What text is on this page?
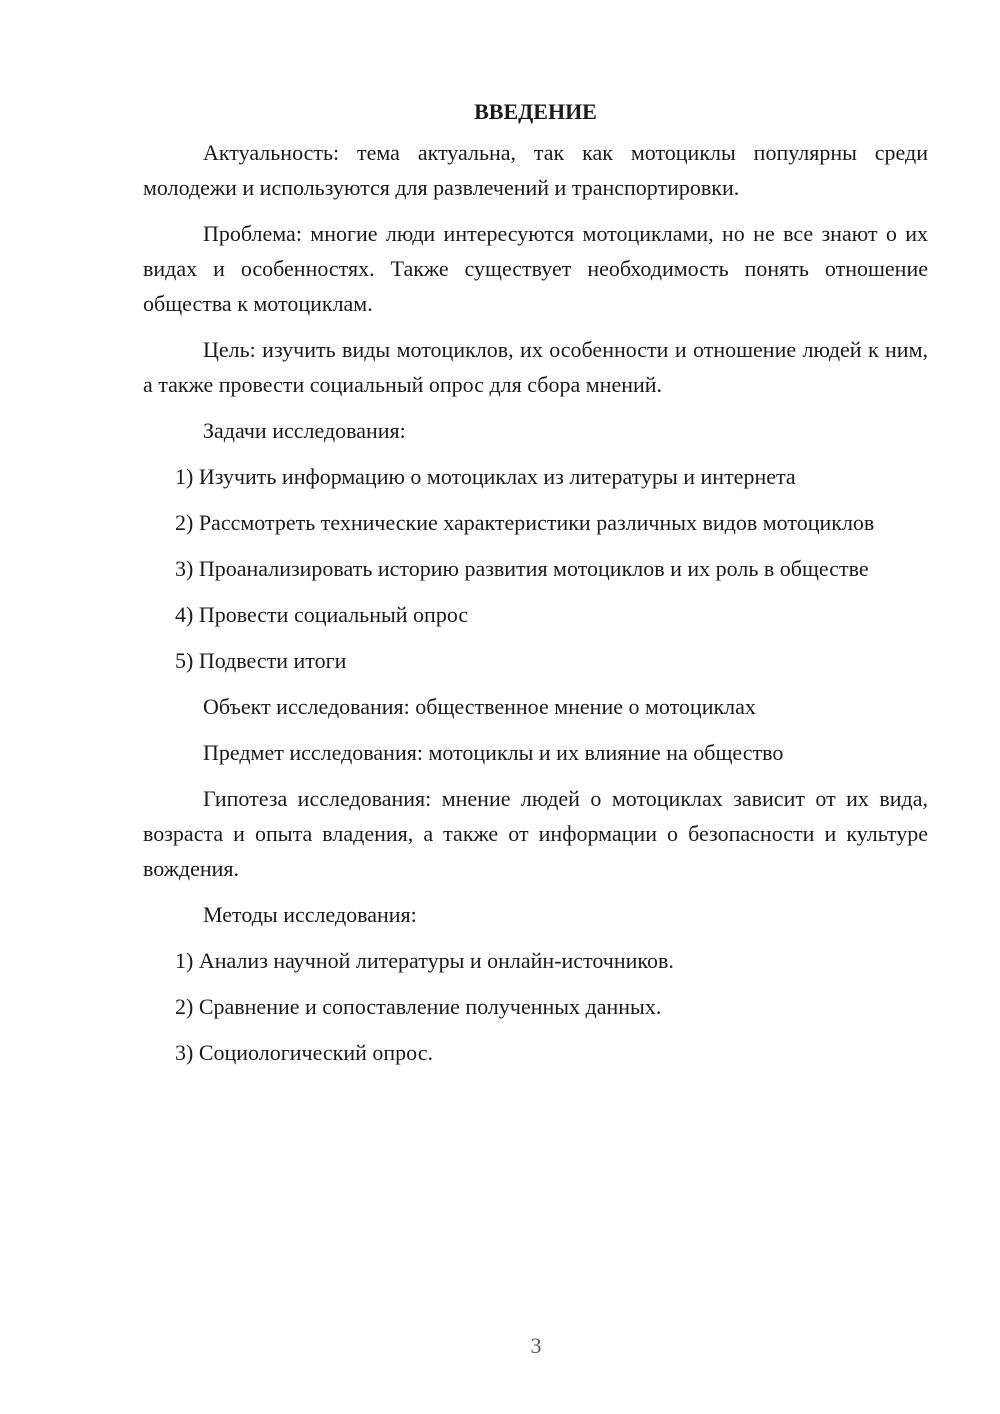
ВВЕДЕНИЕ

Актуальность: тема актуальна, так как мотоциклы популярны среди молодежи и используются для развлечений и транспортировки.

Проблема: многие люди интересуются мотоциклами, но не все знают о их видах и особенностях. Также существует необходимость понять отношение общества к мотоциклам.

Цель: изучить виды мотоциклов, их особенности и отношение людей к ним, а также провести социальный опрос для сбора мнений.

Задачи исследования:

1) Изучить информацию о мотоциклах из литературы и интернета

2) Рассмотреть технические характеристики различных видов мотоциклов

3) Проанализировать историю развития мотоциклов и их роль в обществе

4) Провести социальный опрос

5) Подвести итоги

Объект исследования: общественное мнение о мотоциклах

Предмет исследования: мотоциклы и их влияние на общество

Гипотеза исследования: мнение людей о мотоциклах зависит от их вида, возраста и опыта владения, а также от информации о безопасности и культуре вождения.

Методы исследования:

1) Анализ научной литературы и онлайн-источников.

2) Сравнение и сопоставление полученных данных.

3) Социологический опрос.

3
